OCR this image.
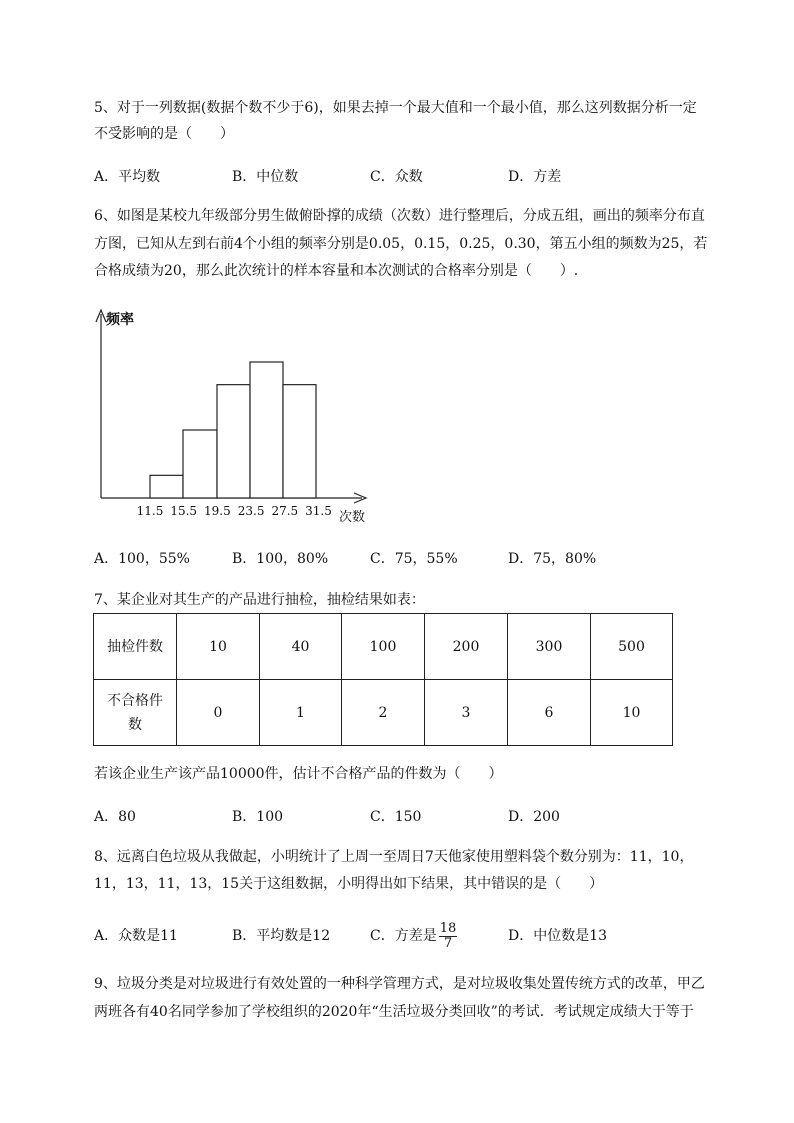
5、对于一列数据(数据个数不少于6)，如果去掉一个最大值和一个最小值，那么这列数据分析一定
不受影响的是（　　）
A．平均数	B．中位数	C．众数	D．方差
6、如图是某校九年级部分男生做俯卧撑的成绩（次数）进行整理后，分成五组，画出的频率分布直
方图，已知从左到右前4个小组的频率分别是0.05，0.15，0.25，0.30，第五小组的频数为25，若
合格成绩为20，那么此次统计的样本容量和本次测试的合格率分别是（　　）.
频率
次数
11.5 15.5 19.5 23.5 27.5 31.5
A．100，55%	B．100，80%	C．75，55%	D．75，80%
7、某企业对其生产的产品进行抽检，抽检结果如表：
抽检件数	10	40	100	200	300	500

不合格件
数	0	1	2	3	6	10
若该企业生产该产品10000件，估计不合格产品的件数为（　　）
A．80	B．100	C．150	D．200
8、远离白色垃圾从我做起，小明统计了上周一至周日7天他家使用塑料袋个数分别为：11，10，
11，13，11，13，15关于这组数据，小明得出如下结果，其中错误的是（　　）
A．众数是11	B．平均数是12	C．方差是 $\frac{18}{7}$	D．中位数是13
9、垃圾分类是对垃圾进行有效处置的一种科学管理方式，是对垃圾收集处置传统方式的改革，甲乙
两班各有40名同学参加了学校组织的2020年“生活垃圾分类回收”的考试．考试规定成绩大于等于
